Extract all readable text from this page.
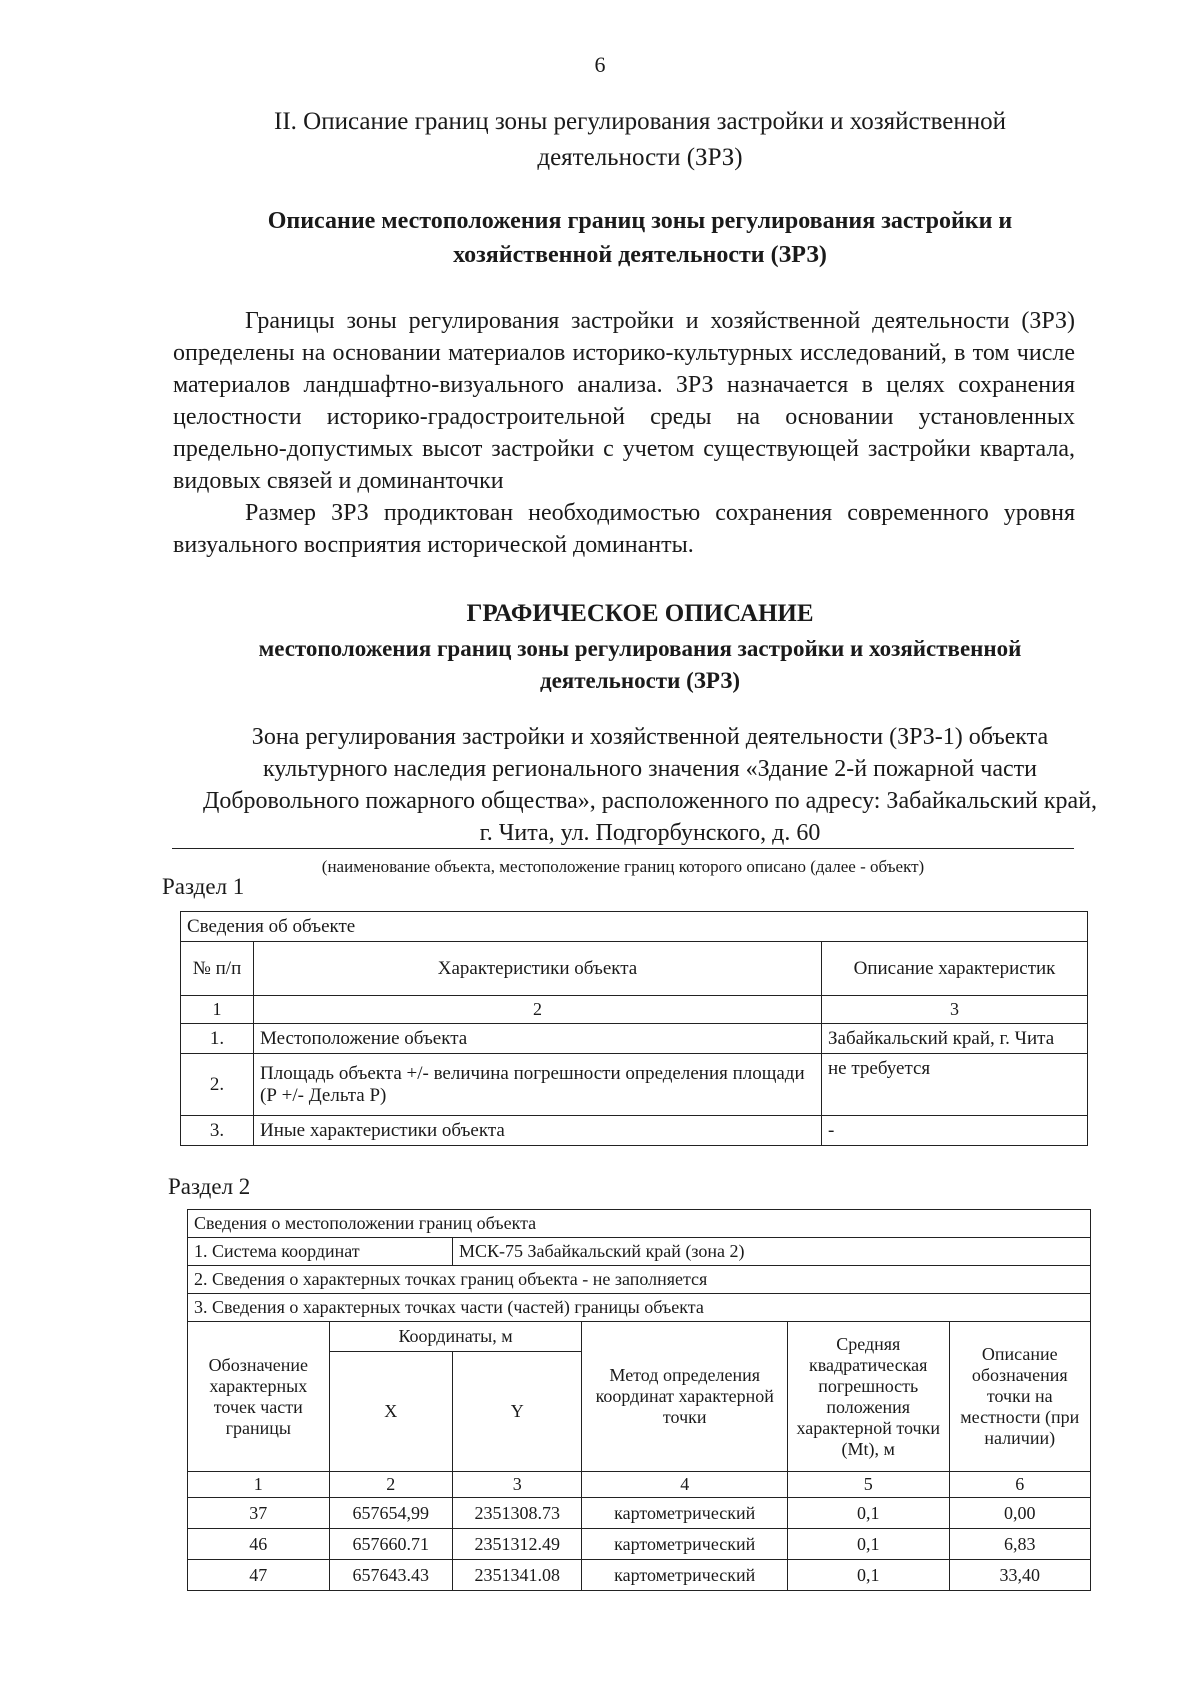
6
II. Описание границ зоны регулирования застройки и хозяйственной деятельности (ЗРЗ)
Описание местоположения границ зоны регулирования застройки и хозяйственной деятельности (ЗРЗ)
Границы зоны регулирования застройки и хозяйственной деятельности (ЗРЗ) определены на основании материалов историко-культурных исследований, в том числе материалов ландшафтно-визуального анализа. ЗРЗ назначается в целях сохранения целостности историко-градостроительной среды на основании установленных предельно-допустимых высот застройки с учетом существующей застройки квартала, видовых связей и доминанточки
Размер ЗРЗ продиктован необходимостью сохранения современного уровня визуального восприятия исторической доминанты.
ГРАФИЧЕСКОЕ ОПИСАНИЕ
местоположения границ зоны регулирования застройки и хозяйственной деятельности (ЗРЗ)
Зона регулирования застройки и хозяйственной деятельности (ЗРЗ-1) объекта культурного наследия регионального значения «Здание 2-й пожарной части Добровольного пожарного общества», расположенного по адресу: Забайкальский край, г. Чита, ул. Подгорбунского, д. 60
(наименование объекта, местоположение границ которого описано (далее - объект)
Раздел 1
Сведения об объекте		
№ п/п	Характеристики объекта	Описание характеристик
1	2	3
1.	Местоположение объекта	Забайкальский край, г. Чита
2.	Площадь объекта +/- величина погрешности определения площади (Р +/- Дельта Р)	не требуется
3.	Иные характеристики объекта	-
Раздел 2
Сведения о местоположении границ объекта					
1. Система координат		МСК-75 Забайкальский край (зона 2)			
2. Сведения о характерных точках границ объекта - не заполняется					
3. Сведения о характерных точках части (частей) границы объекта					
Обозначение характерных точек части границы	Координаты, м		Метод определения координат характерной точки	Средняя квадратическая погрешность положения характерной точки (Mt), м	Описание обозначения точки на местности (при наличии)
	X	Y			
1	2	3	4	5	6
37	657654,99	2351308.73	картометрический	0,1	0,00
46	657660.71	2351312.49	картометрический	0,1	6,83
47	657643.43	2351341.08	картометрический	0,1	33,40
